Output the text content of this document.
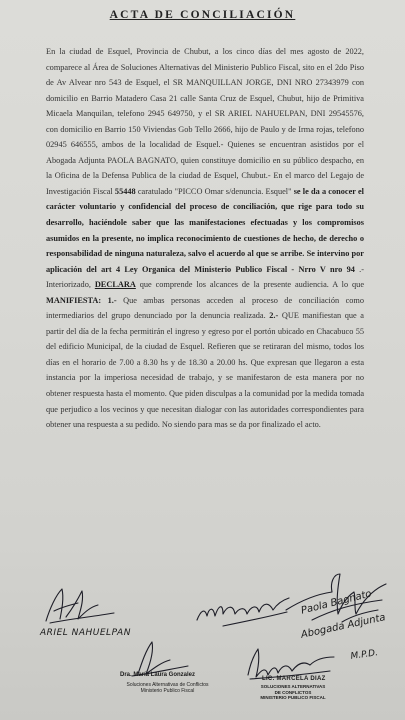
ACTA DE CONCILIACIÓN

En la ciudad de Esquel, Provincia de Chubut, a los cinco días del mes agosto de 2022, comparece al Área de Soluciones Alternativas del Ministerio Publico Fiscal, sito en el 2do Piso de Av Alvear nro 543 de Esquel, el SR MANQUILLAN JORGE, DNI NRO 27343979 con domicilio en Barrio Matadero Casa 21 calle Santa Cruz de Esquel, Chubut, hijo de Primitiva Micaela Manquilan, telefono 2945 649750, y el SR ARIEL NAHUELPAN, DNI 29545576, con domicilio en Barrio 150 Viviendas Gob Tello 2666, hijo de Paulo y de Irma rojas, telefono 02945 646555, ambos de la localidad de Esquel.- Quienes se encuentran asistidos por el Abogada Adjunta PAOLA BAGNATO, quien constituye domicilio en su público despacho, en la Oficina de la Defensa Publica de la ciudad de Esquel, Chubut.- En el marco del Legajo de Investigación Fiscal 55448 caratulado "PICCO Omar s/denuncia. Esquel" se le da a conocer el carácter voluntario y confidencial del proceso de conciliación, que rige para todo su desarrollo, haciéndole saber que las manifestaciones efectuadas y los compromisos asumidos en la presente, no implica reconocimiento de cuestiones de hecho, de derecho o responsabilidad de ninguna naturaleza, salvo el acuerdo al que se arribe. Se intervino por aplicación del art 4 Ley Organica del Ministerio Publico Fiscal - Nrro V nro 94 .- Interiorizado, DECLARA que comprende los alcances de la presente audiencia. A lo que MANIFIESTA: 1.- Que ambas personas acceden al proceso de conciliación como intermediarios del grupo denunciado por la denuncia realizada. 2.- QUE manifiestan que a partir del día de la fecha permitirán el ingreso y egreso por el portón ubicado en Chacabuco 55 del edificio Municipal, de la ciudad de Esquel. Refieren que se retiraran del mismo, todos los días en el horario de 7.00 a 8.30 hs y de 18.30 a 20.00 hs. Que expresan que llegaron a esta instancia por la imperiosa necesidad de trabajo, y se manifestaron de esta manera por no obtener respuesta hasta el momento. Que piden disculpas a la comunidad por la medida tomada que perjudico a los vecinos y que necesitan dialogar con las autoridades correspondientes para obtener una respuesta a su pedido. No siendo para mas se da por finalizado el acto.

ARIEL NAHUELPAN
Paola Bagnato
Abogada Adjunta
M.P.D.
Dra. María Laura Gonzalez
Soluciones Alternativas de Conflictos
Ministerio Publico Fiscal
LIC. MARCELA DIAZ
SOLUCIONES ALTERNATIVAS
DE CONFLICTOS
MINISTERIO PUBLICO FISCAL
